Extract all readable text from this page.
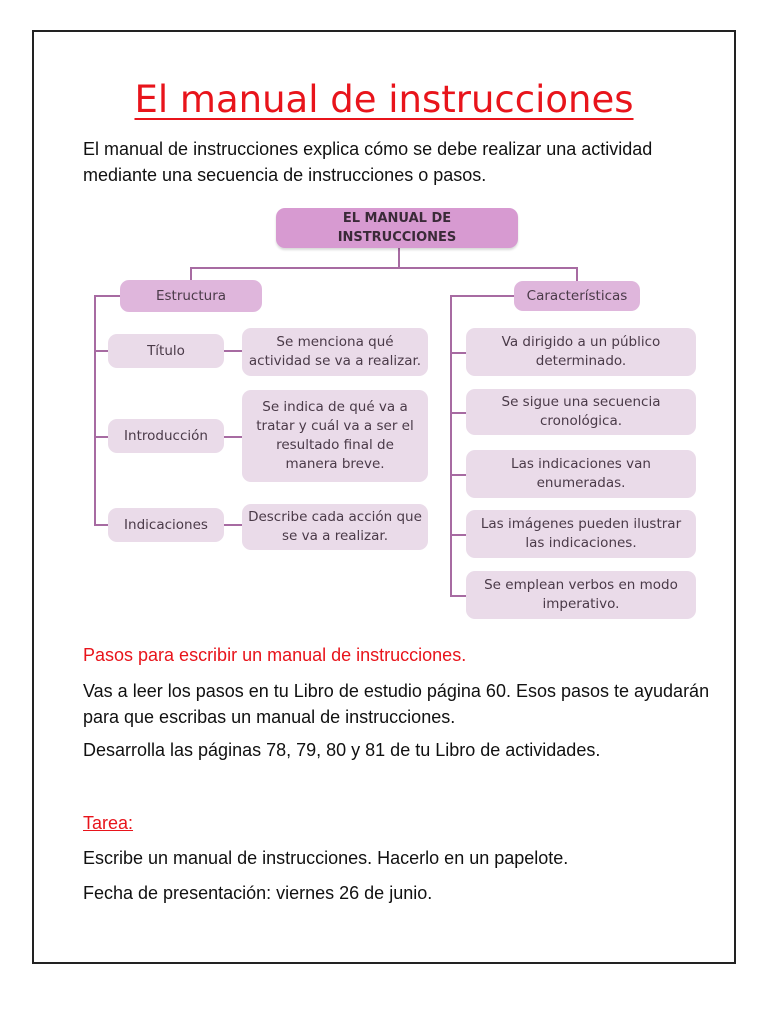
El manual de instrucciones
El manual de instrucciones explica cómo se debe realizar una actividad mediante una secuencia de instrucciones o pasos.
EL MANUAL DE INSTRUCCIONES
Estructura
Título
Se menciona qué actividad se va a realizar.
Introducción
Se indica de qué va a tratar y cuál va a ser el resultado final de manera breve.
Indicaciones	Describe cada acción que se va a realizar.
Características
Va dirigido a un público determinado.
Se sigue una secuencia cronológica.
Las indicaciones van enumeradas.
Las imágenes pueden ilustrar las indicaciones.
Se emplean verbos en modo imperativo.
Pasos para escribir un manual de instrucciones.
Vas a leer los pasos en tu Libro de estudio página 60. Esos pasos te ayudarán para que escribas un manual de instrucciones.
Desarrolla las páginas 78, 79, 80 y 81 de tu Libro de actividades.
Tarea:
Escribe un manual de instrucciones. Hacerlo en un papelote.
Fecha de presentación: viernes 26 de junio.
